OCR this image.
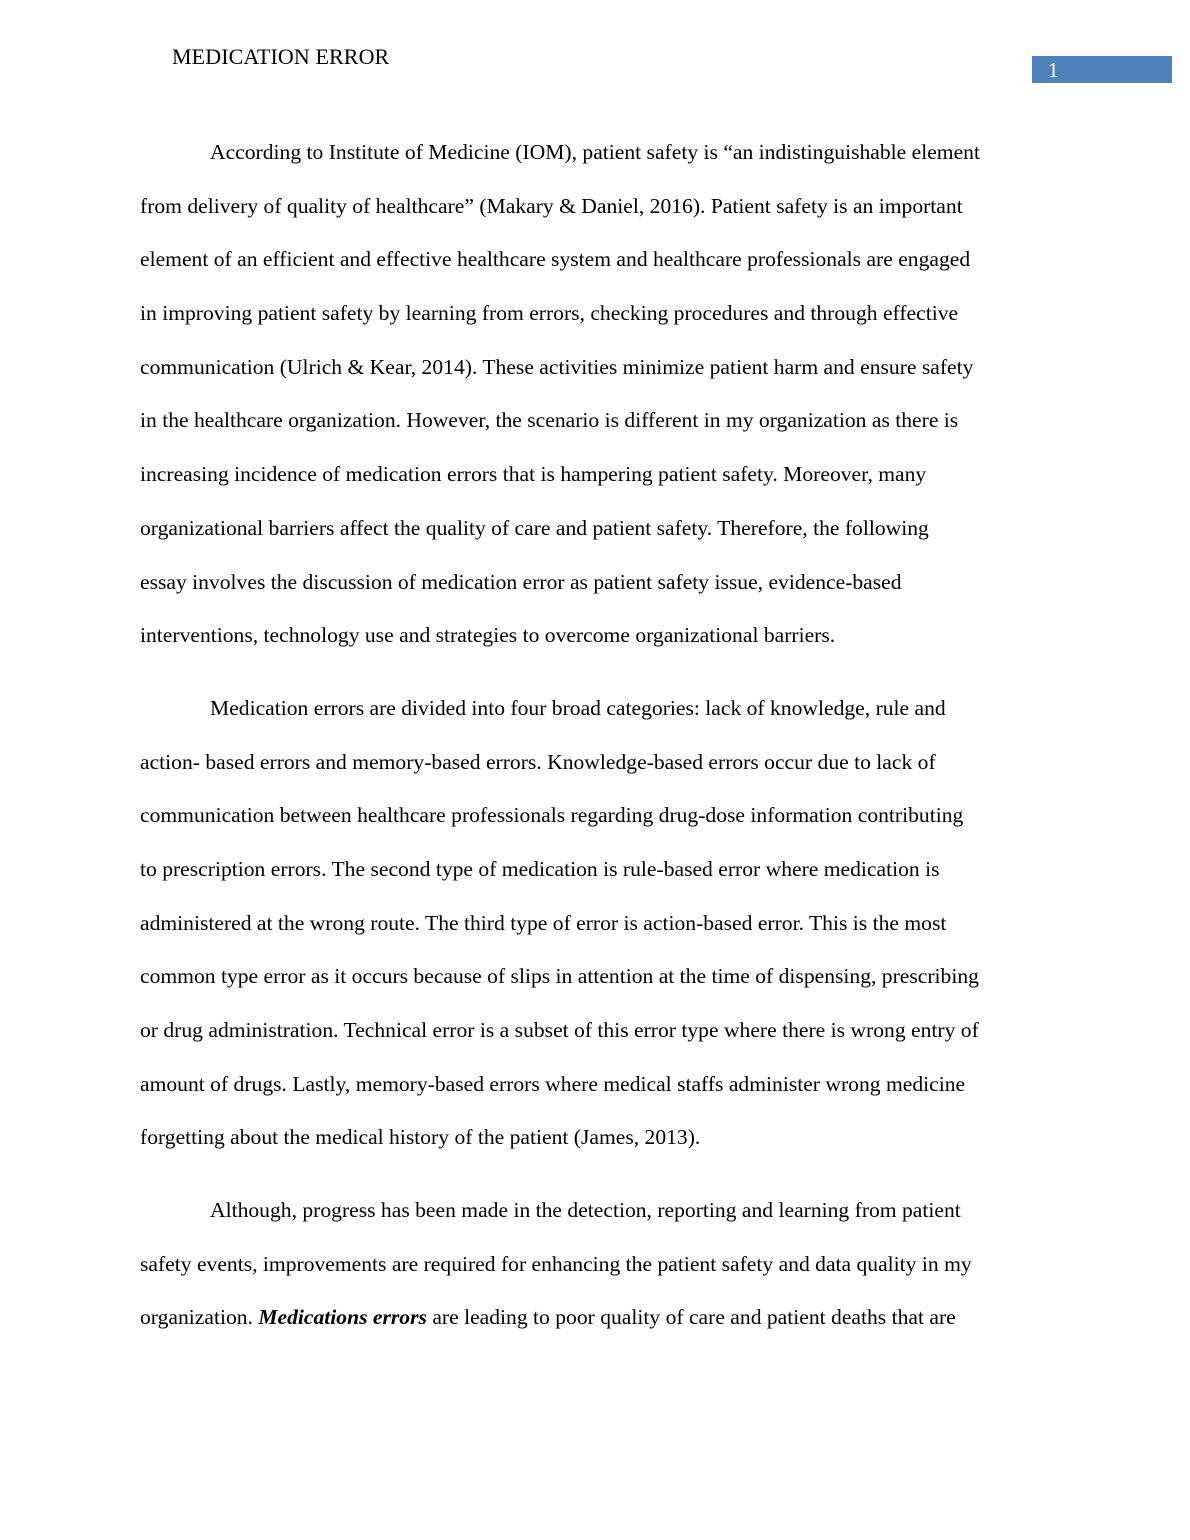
MEDICATION ERROR
1
According to Institute of Medicine (IOM), patient safety is “an indistinguishable element
from delivery of quality of healthcare” (Makary & Daniel, 2016). Patient safety is an important
element of an efficient and effective healthcare system and healthcare professionals are engaged
in improving patient safety by learning from errors, checking procedures and through effective
communication (Ulrich & Kear, 2014). These activities minimize patient harm and ensure safety
in the healthcare organization. However, the scenario is different in my organization as there is
increasing incidence of medication errors that is hampering patient safety. Moreover, many
organizational barriers affect the quality of care and patient safety. Therefore, the following
essay involves the discussion of medication error as patient safety issue, evidence-based
interventions, technology use and strategies to overcome organizational barriers.
Medication errors are divided into four broad categories: lack of knowledge, rule and
action- based errors and memory-based errors. Knowledge-based errors occur due to lack of
communication between healthcare professionals regarding drug-dose information contributing
to prescription errors. The second type of medication is rule-based error where medication is
administered at the wrong route. The third type of error is action-based error. This is the most
common type error as it occurs because of slips in attention at the time of dispensing, prescribing
or drug administration. Technical error is a subset of this error type where there is wrong entry of
amount of drugs. Lastly, memory-based errors where medical staffs administer wrong medicine
forgetting about the medical history of the patient (James, 2013).
Although, progress has been made in the detection, reporting and learning from patient
safety events, improvements are required for enhancing the patient safety and data quality in my
organization. Medications errors are leading to poor quality of care and patient deaths that are
